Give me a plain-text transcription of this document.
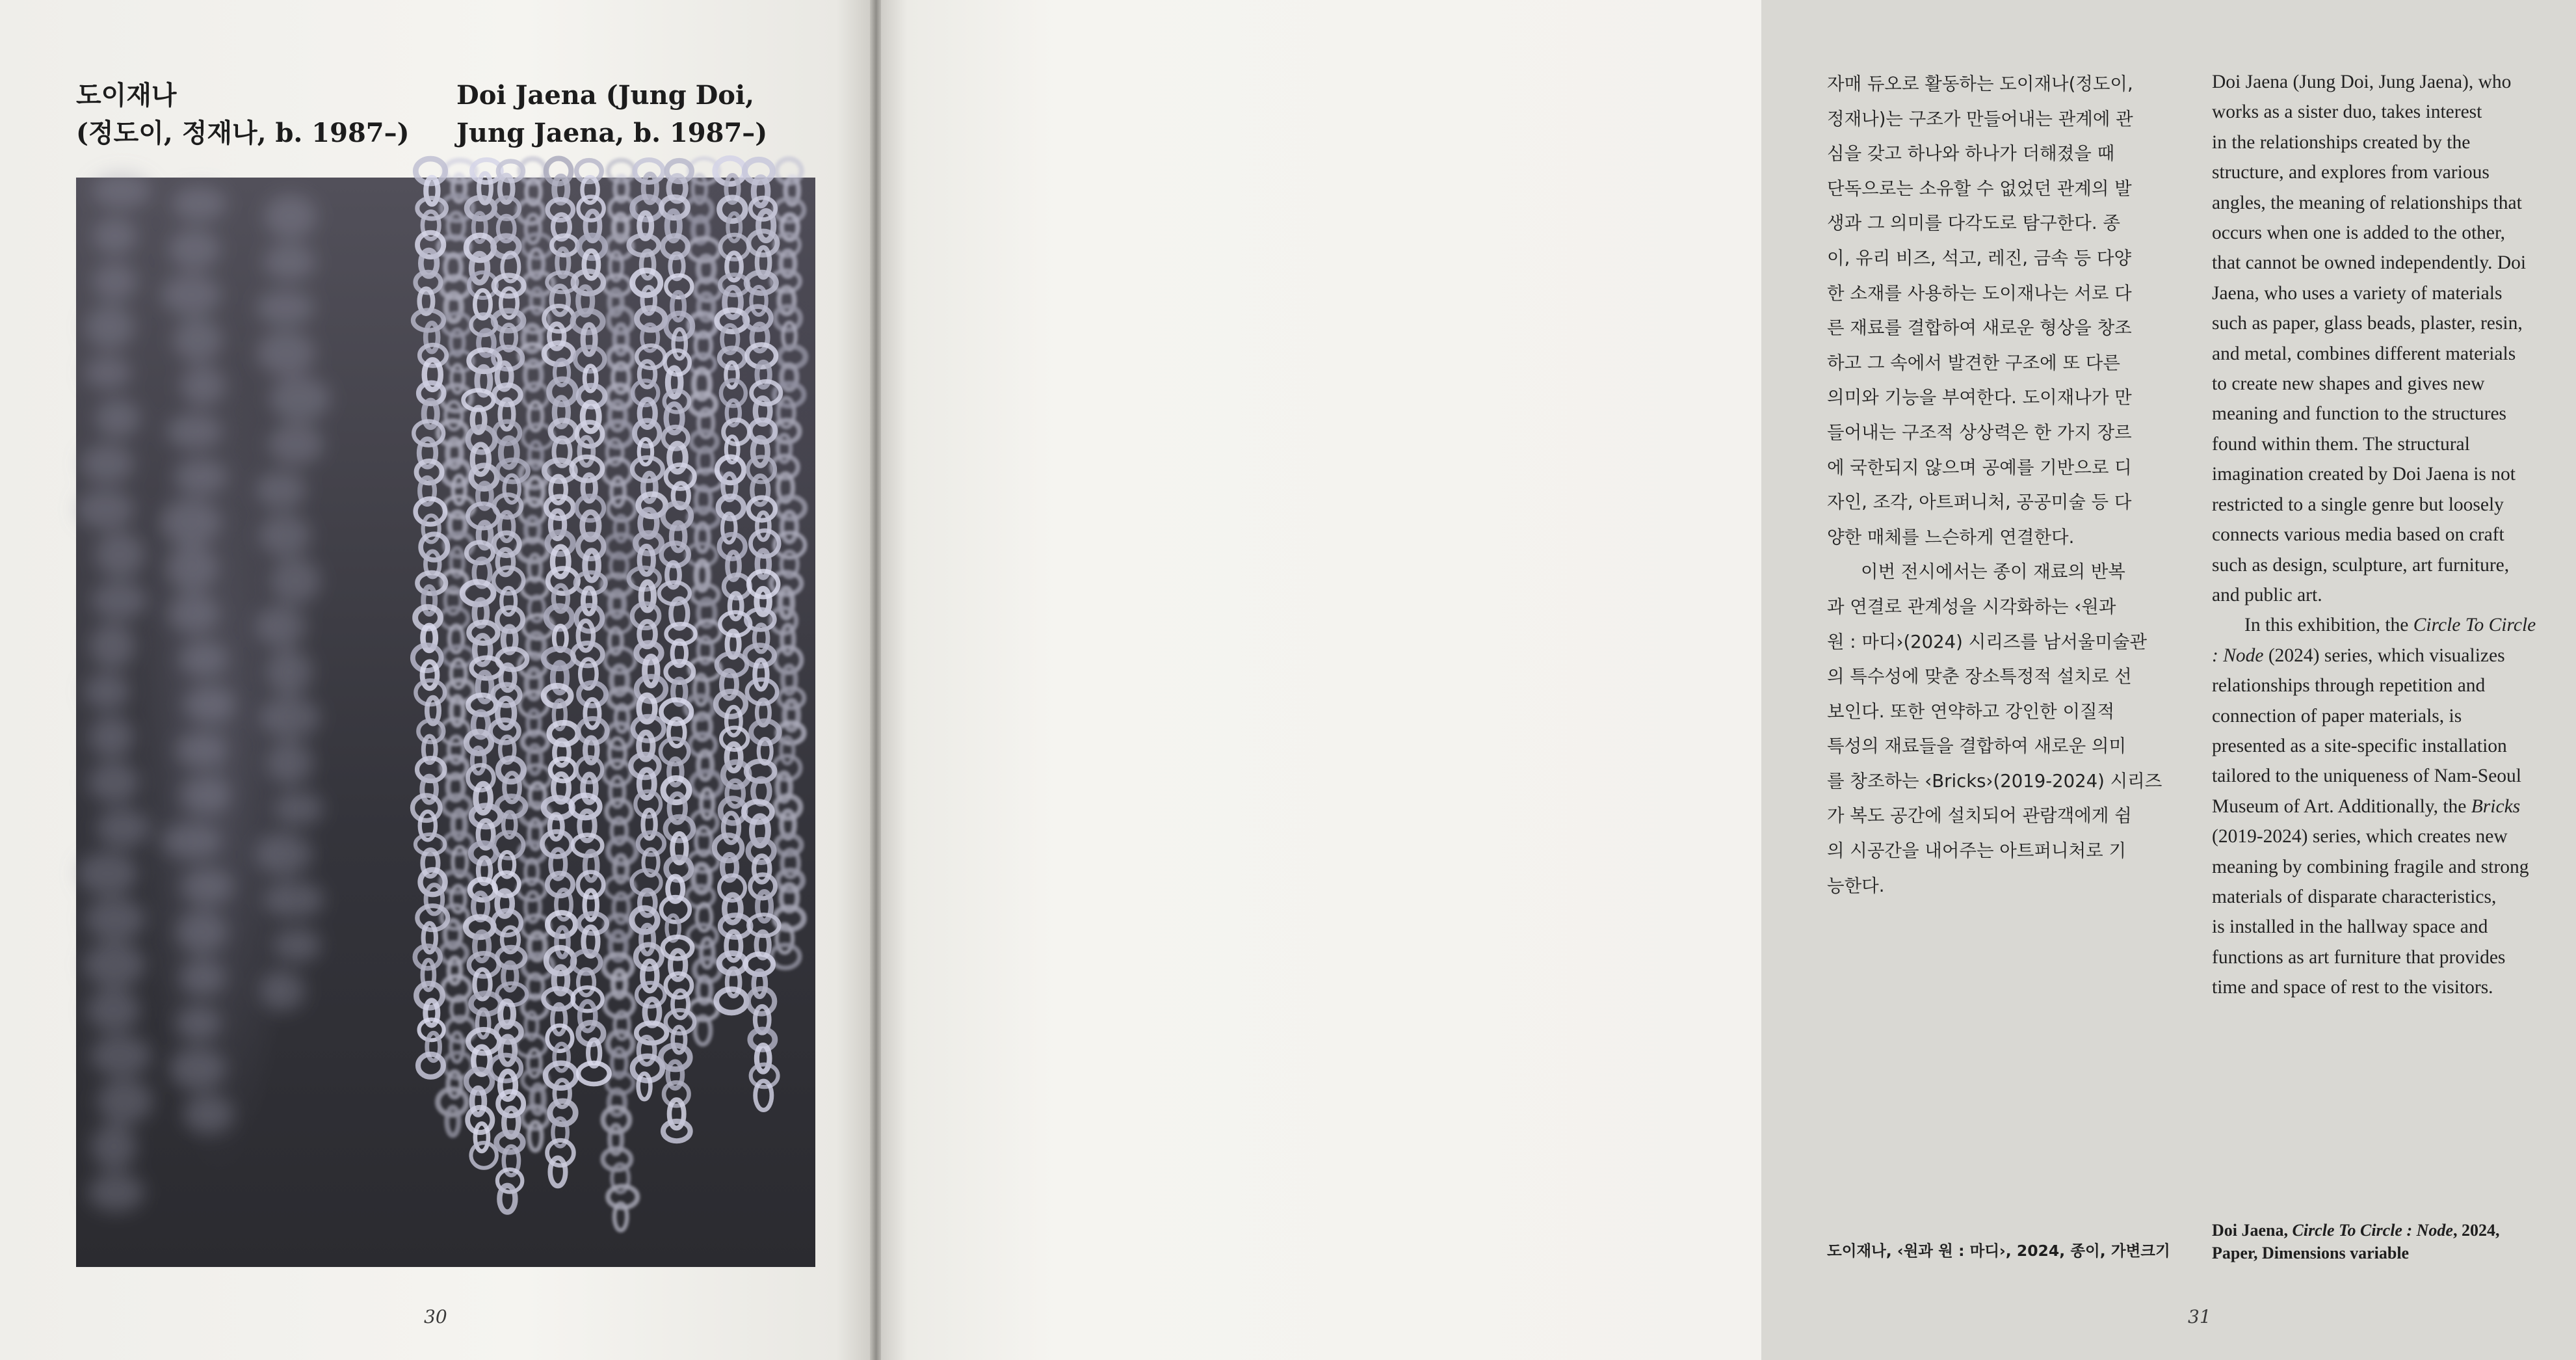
도이재나
(정도이, 정재나, b. 1987–)
Doi Jaena (Jung Doi,
Jung Jaena, b. 1987–)
30

자매 듀오로 활동하는 도이재나(정도이,

정재나)는 구조가 만들어내는 관계에 관

심을 갖고 하나와 하나가 더해졌을 때

단독으로는 소유할 수 없었던 관계의 발

생과 그 의미를 다각도로 탐구한다. 종

이, 유리 비즈, 석고, 레진, 금속 등 다양

한 소재를 사용하는 도이재나는 서로 다

른 재료를 결합하여 새로운 형상을 창조

하고 그 속에서 발견한 구조에 또 다른

의미와 기능을 부여한다. 도이재나가 만

들어내는 구조적 상상력은 한 가지 장르

에 국한되지 않으며 공예를 기반으로 디

자인, 조각, 아트퍼니처, 공공미술 등 다

양한 매체를 느슨하게 연결한다.

이번 전시에서는 종이 재료의 반복

과 연결로 관계성을 시각화하는 ‹원과

원 : 마디›(2024) 시리즈를 남서울미술관

의 특수성에 맞춘 장소특정적 설치로 선

보인다. 또한 연약하고 강인한 이질적

특성의 재료들을 결합하여 새로운 의미

를 창조하는 ‹Bricks›(2019-2024) 시리즈

가 복도 공간에 설치되어 관람객에게 쉼

의 시공간을 내어주는 아트퍼니처로 기

능한다.

Doi Jaena (Jung Doi, Jung Jaena), who

works as a sister duo, takes interest

in the relationships created by the

structure, and explores from various

angles, the meaning of relationships that

occurs when one is added to the other,

that cannot be owned independently. Doi

Jaena, who uses a variety of materials

such as paper, glass beads, plaster, resin,

and metal, combines different materials

to create new shapes and gives new

meaning and function to the structures

found within them. The structural

imagination created by Doi Jaena is not

restricted to a single genre but loosely

connects various media based on craft

such as design, sculpture, art furniture,

and public art.

In this exhibition, the Circle To Circle

: Node (2024) series, which visualizes

relationships through repetition and

connection of paper materials, is

presented as a site-specific installation

tailored to the uniqueness of Nam-Seoul

Museum of Art. Additionally, the Bricks

(2019-2024) series, which creates new

meaning by combining fragile and strong

materials of disparate characteristics,

is installed in the hallway space and

functions as art furniture that provides

time and space of rest to the visitors.

도이재나, ‹원과 원 : 마디›, 2024, 종이, 가변크기
Doi Jaena, Circle To Circle : Node, 2024,
Paper, Dimensions variable
31
